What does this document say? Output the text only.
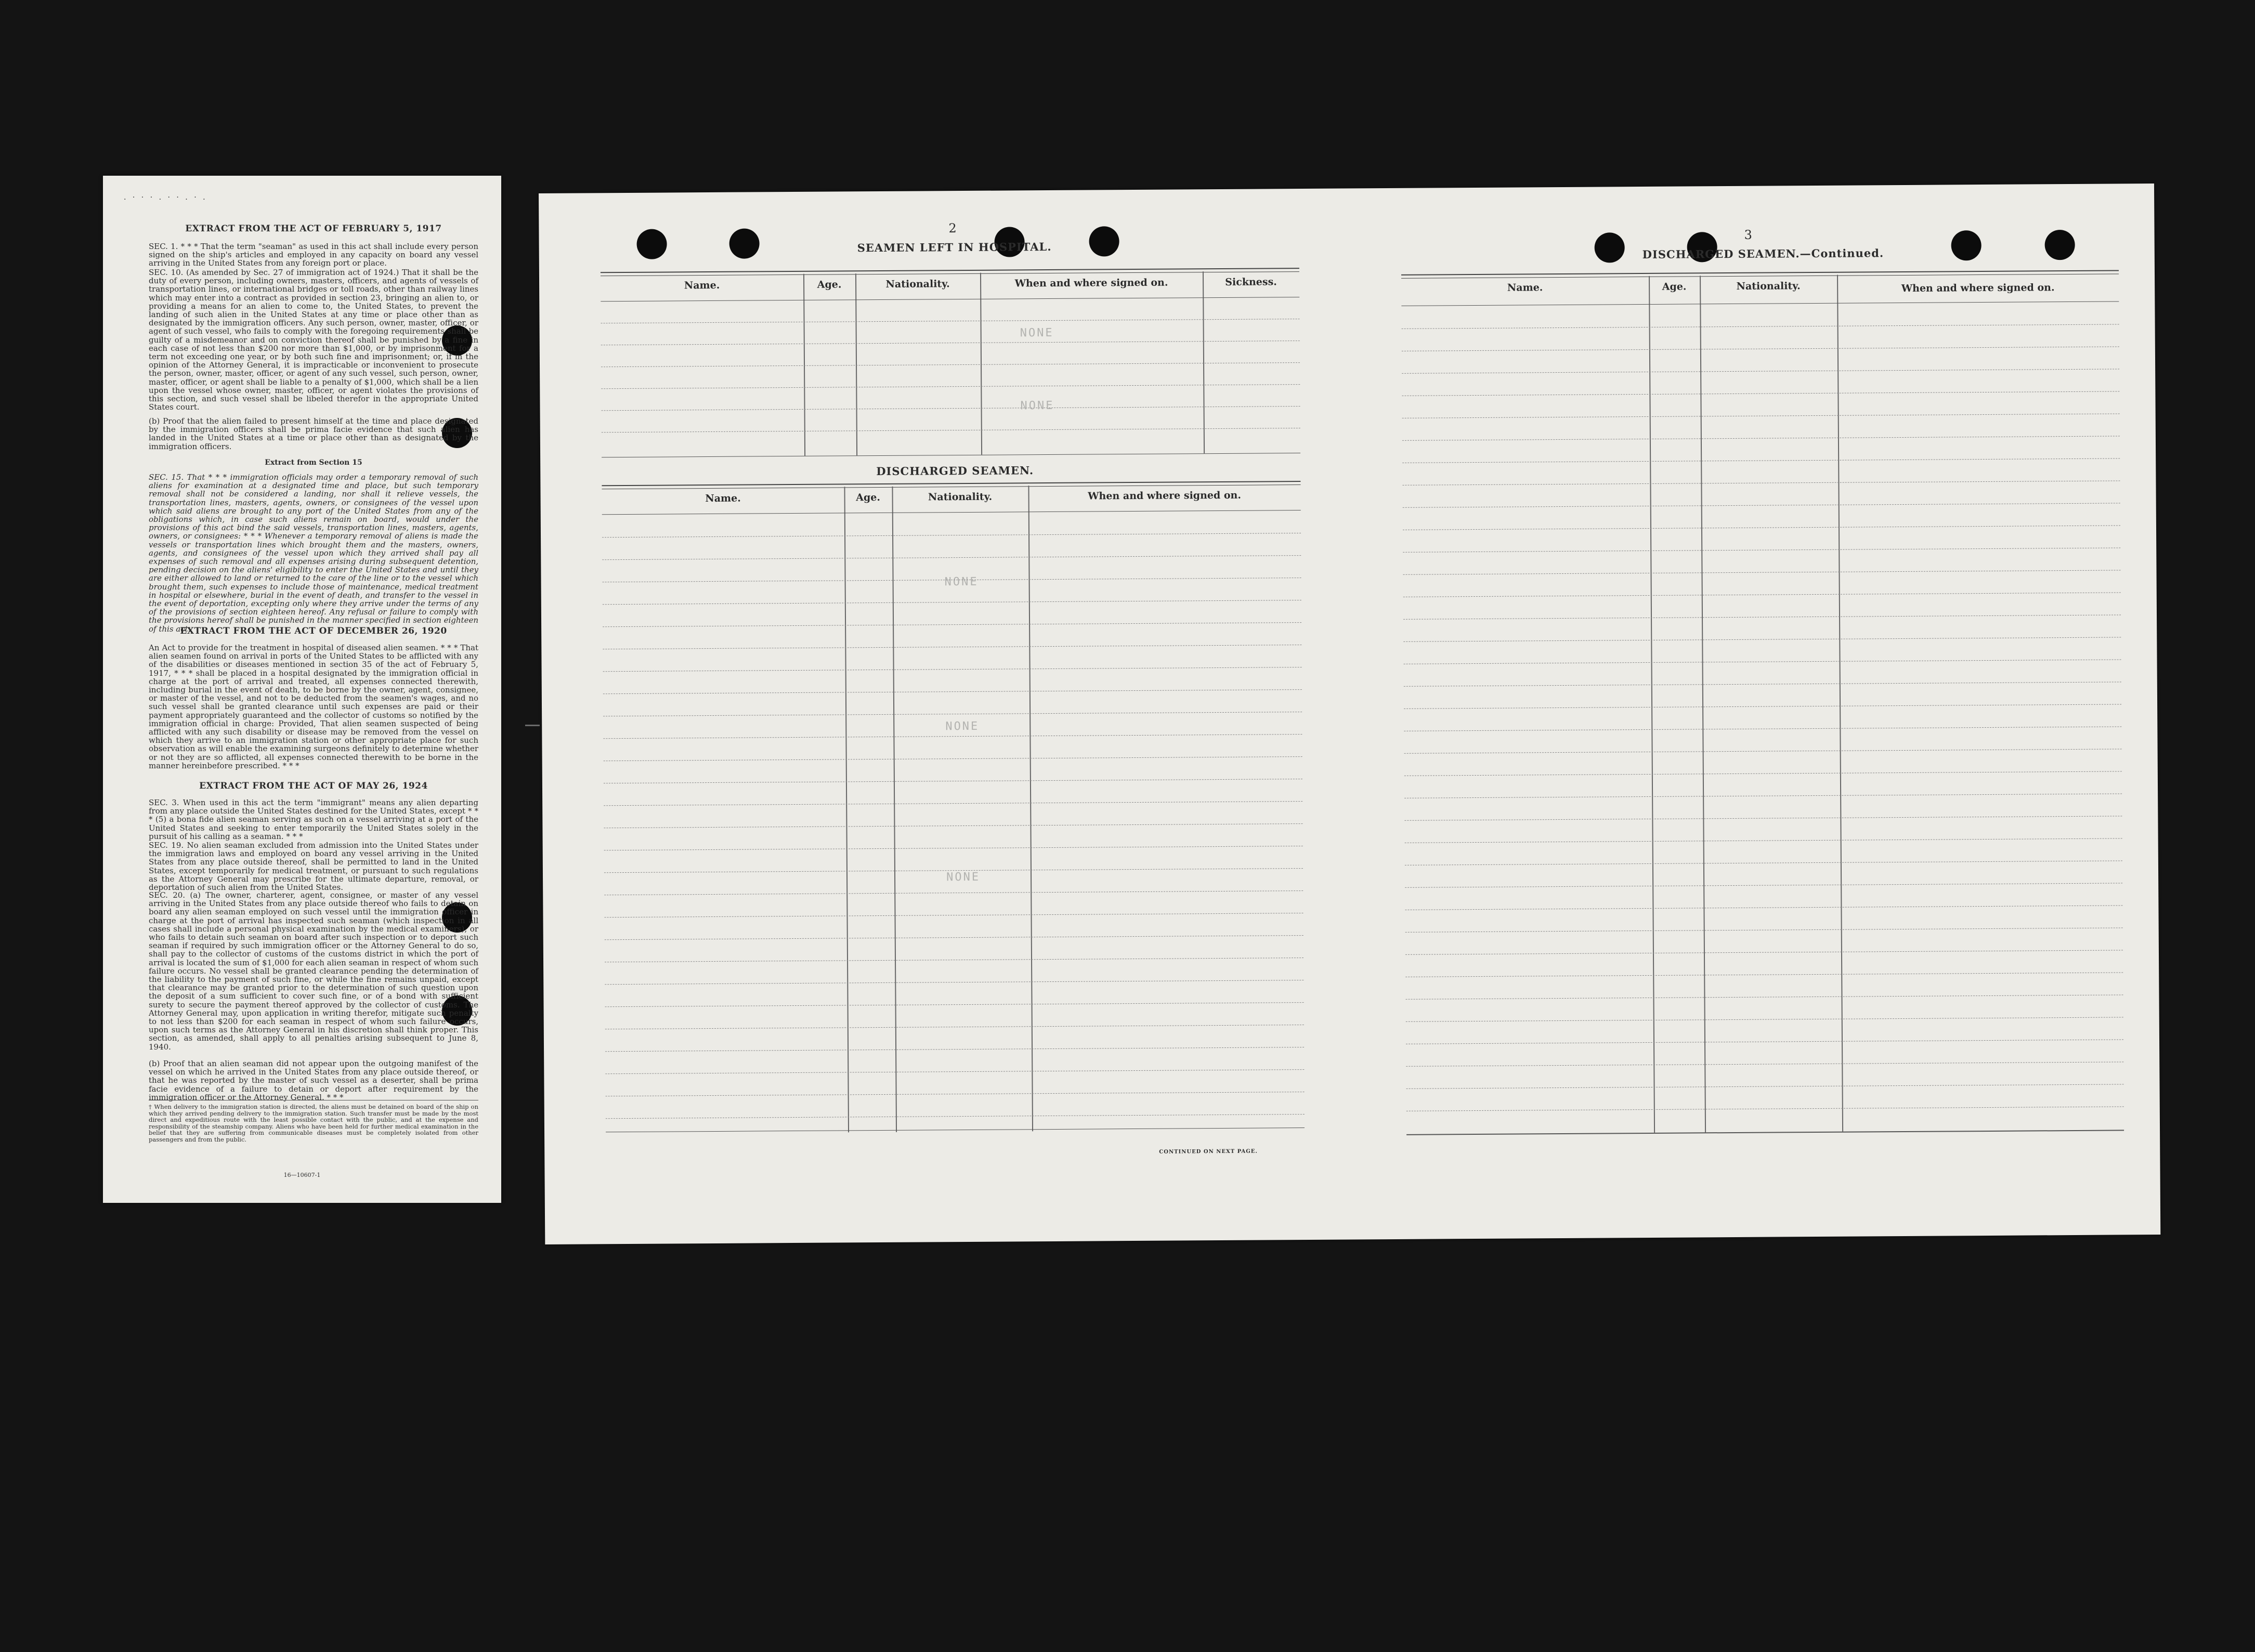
. · · · . · · . · .
EXTRACT FROM THE ACT OF FEBRUARY 5, 1917
SEC. 1. * * * That the term "seaman" as used in this act shall include every person signed on the ship's articles and employed in any capacity on board any vessel arriving in the United States from any foreign port or place.
SEC. 10. (As amended by Sec. 27 of immigration act of 1924.) That it shall be the duty of every person, including owners, masters, officers, and agents of vessels of transportation lines, or international bridges or toll roads, other than railway lines which may enter into a contract as provided in section 23, bringing an alien to, or providing a means for an alien to come to, the United States, to prevent the landing of such alien in the United States at any time or place other than as designated by the immigration officers. Any such person, owner, master, officer, or agent of such vessel, who fails to comply with the foregoing requirements shall be guilty of a misdemeanor and on conviction thereof shall be punished by a fine in each case of not less than $200 nor more than $1,000, or by imprisonment for a term not exceeding one year, or by both such fine and imprisonment; or, if in the opinion of the Attorney General, it is impracticable or inconvenient to prosecute the person, owner, master, officer, or agent of any such vessel, such person, owner, master, officer, or agent shall be liable to a penalty of $1,000, which shall be a lien upon the vessel whose owner, master, officer, or agent violates the provisions of this section, and such vessel shall be libeled therefor in the appropriate United States court.
(b) Proof that the alien failed to present himself at the time and place designated by the immigration officers shall be prima facie evidence that such alien has landed in the United States at a time or place other than as designated by the immigration officers.
Extract from Section 15
SEC. 15. That * * * immigration officials may order a temporary removal of such aliens for examination at a designated time and place, but such temporary removal shall not be considered a landing, nor shall it relieve vessels, the transportation lines, masters, agents, owners, or consignees of the vessel upon which said aliens are brought to any port of the United States from any of the obligations which, in case such aliens remain on board, would under the provisions of this act bind the said vessels, transportation lines, masters, agents, owners, or consignees: * * * Whenever a temporary removal of aliens is made the vessels or transportation lines which brought them and the masters, owners, agents, and consignees of the vessel upon which they arrived shall pay all expenses of such removal and all expenses arising during subsequent detention, pending decision on the aliens' eligibility to enter the United States and until they are either allowed to land or returned to the care of the line or to the vessel which brought them, such expenses to include those of maintenance, medical treatment in hospital or elsewhere, burial in the event of death, and transfer to the vessel in the event of deportation, excepting only where they arrive under the terms of any of the provisions of section eighteen hereof. Any refusal or failure to comply with the provisions hereof shall be punished in the manner specified in section eighteen of this act.
EXTRACT FROM THE ACT OF DECEMBER 26, 1920
An Act to provide for the treatment in hospital of diseased alien seamen. * * * That alien seamen found on arrival in ports of the United States to be afflicted with any of the disabilities or diseases mentioned in section 35 of the act of February 5, 1917, * * * shall be placed in a hospital designated by the immigration official in charge at the port of arrival and treated, all expenses connected therewith, including burial in the event of death, to be borne by the owner, agent, consignee, or master of the vessel, and not to be deducted from the seamen's wages, and no such vessel shall be granted clearance until such expenses are paid or their payment appropriately guaranteed and the collector of customs so notified by the immigration official in charge: Provided, That alien seamen suspected of being afflicted with any such disability or disease may be removed from the vessel on which they arrive to an immigration station or other appropriate place for such observation as will enable the examining surgeons definitely to determine whether or not they are so afflicted, all expenses connected therewith to be borne in the manner hereinbefore prescribed. * * *
EXTRACT FROM THE ACT OF MAY 26, 1924
SEC. 3. When used in this act the term "immigrant" means any alien departing from any place outside the United States destined for the United States, except * * * (5) a bona fide alien seaman serving as such on a vessel arriving at a port of the United States and seeking to enter temporarily the United States solely in the pursuit of his calling as a seaman. * * *
SEC. 19. No alien seaman excluded from admission into the United States under the immigration laws and employed on board any vessel arriving in the United States from any place outside thereof, shall be permitted to land in the United States, except temporarily for medical treatment, or pursuant to such regulations as the Attorney General may prescribe for the ultimate departure, removal, or deportation of such alien from the United States.
SEC. 20. (a) The owner, charterer, agent, consignee, or master of any vessel arriving in the United States from any place outside thereof who fails to detain on board any alien seaman employed on such vessel until the immigration officer in charge at the port of arrival has inspected such seaman (which inspection in all cases shall include a personal physical examination by the medical examiners), or who fails to detain such seaman on board after such inspection or to deport such seaman if required by such immigration officer or the Attorney General to do so, shall pay to the collector of customs of the customs district in which the port of arrival is located the sum of $1,000 for each alien seaman in respect of whom such failure occurs. No vessel shall be granted clearance pending the determination of the liability to the payment of such fine, or while the fine remains unpaid, except that clearance may be granted prior to the determination of such question upon the deposit of a sum sufficient to cover such fine, or of a bond with sufficient surety to secure the payment thereof approved by the collector of customs. The Attorney General may, upon application in writing therefor, mitigate such penalty to not less than $200 for each seaman in respect of whom such failure occurs, upon such terms as the Attorney General in his discretion shall think proper. This section, as amended, shall apply to all penalties arising subsequent to June 8, 1940.
(b) Proof that an alien seaman did not appear upon the outgoing manifest of the vessel on which he arrived in the United States from any place outside thereof, or that he was reported by the master of such vessel as a deserter, shall be prima facie evidence of a failure to detain or deport after requirement by the immigration officer or the Attorney General. * * *
† When delivery to the immigration station is directed, the aliens must be detained on board of the ship on which they arrived pending delivery to the immigration station. Such transfer must be made by the most direct and expeditious route with the least possible contact with the public, and at the expense and responsibility of the steamship company. Aliens who have been held for further medical examination in the belief that they are suffering from communicable diseases must be completely isolated from other passengers and from the public.
16—10607-1
2
SEAMEN LEFT IN HOSPITAL.
Name.	Age.	Nationality.	When and where signed on.	Sickness.
NONE
NONE
DISCHARGED SEAMEN.
Name.	Age.	Nationality.	When and where signed on.
NONE
NONE
NONE
CONTINUED ON NEXT PAGE.
3
DISCHARGED SEAMEN.—Continued.
Name.	Age.	Nationality.	When and where signed on.
